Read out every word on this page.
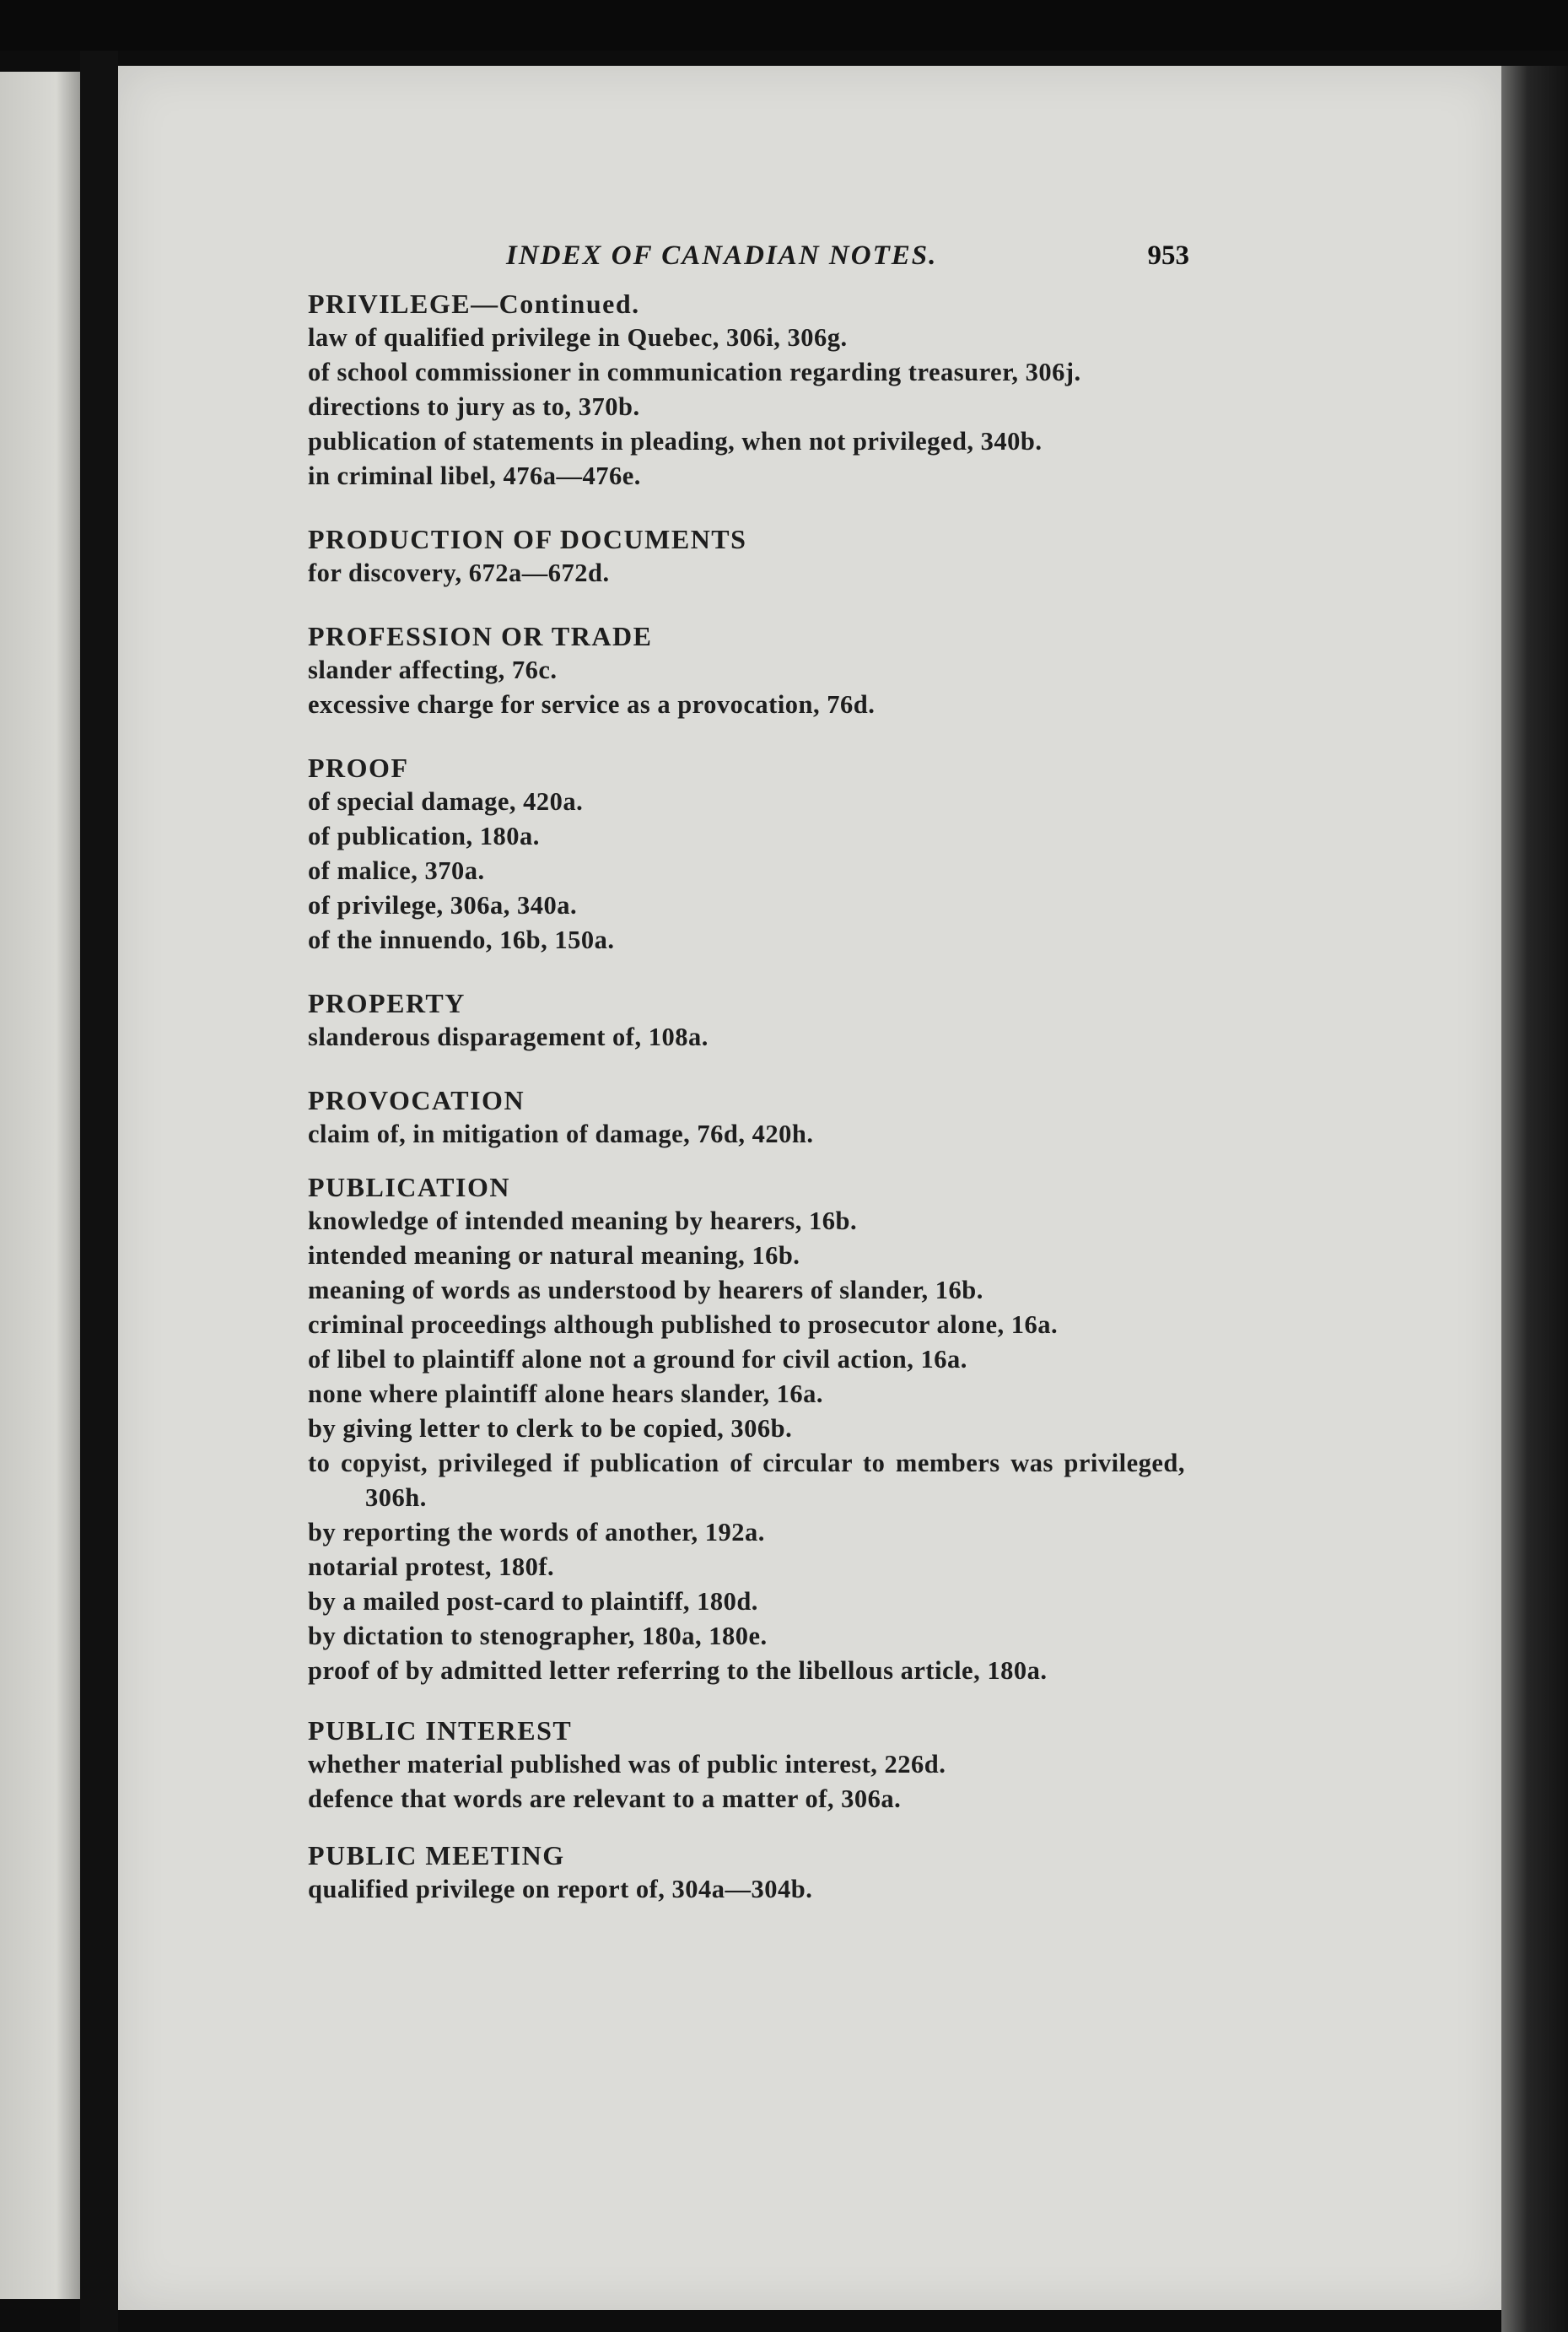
INDEX OF CANADIAN NOTES.	953

PRIVILEGE—Continued.

law of qualified privilege in Quebec, 306i, 306g.

of school commissioner in communication regarding treasurer, 306j.

directions to jury as to, 370b.

publication of statements in pleading, when not privileged, 340b.

in criminal libel, 476a—476e.

PRODUCTION OF DOCUMENTS

for discovery, 672a—672d.

PROFESSION OR TRADE

slander affecting, 76c.

excessive charge for service as a provocation, 76d.

PROOF

of special damage, 420a.

of publication, 180a.

of malice, 370a.

of privilege, 306a, 340a.

of the innuendo, 16b, 150a.

PROPERTY

slanderous disparagement of, 108a.

PROVOCATION

claim of, in mitigation of damage, 76d, 420h.

PUBLICATION

knowledge of intended meaning by hearers, 16b.

intended meaning or natural meaning, 16b.

meaning of words as understood by hearers of slander, 16b.

criminal proceedings although published to prosecutor alone, 16a.

of libel to plaintiff alone not a ground for civil action, 16a.

none where plaintiff alone hears slander, 16a.

by giving letter to clerk to be copied, 306b.

to copyist, privileged if publication of circular to members was privileged, 306h.

by reporting the words of another, 192a.

notarial protest, 180f.

by a mailed post-card to plaintiff, 180d.

by dictation to stenographer, 180a, 180e.

proof of by admitted letter referring to the libellous article, 180a.

PUBLIC INTEREST

whether material published was of public interest, 226d.

defence that words are relevant to a matter of, 306a.

PUBLIC MEETING

qualified privilege on report of, 304a—304b.
